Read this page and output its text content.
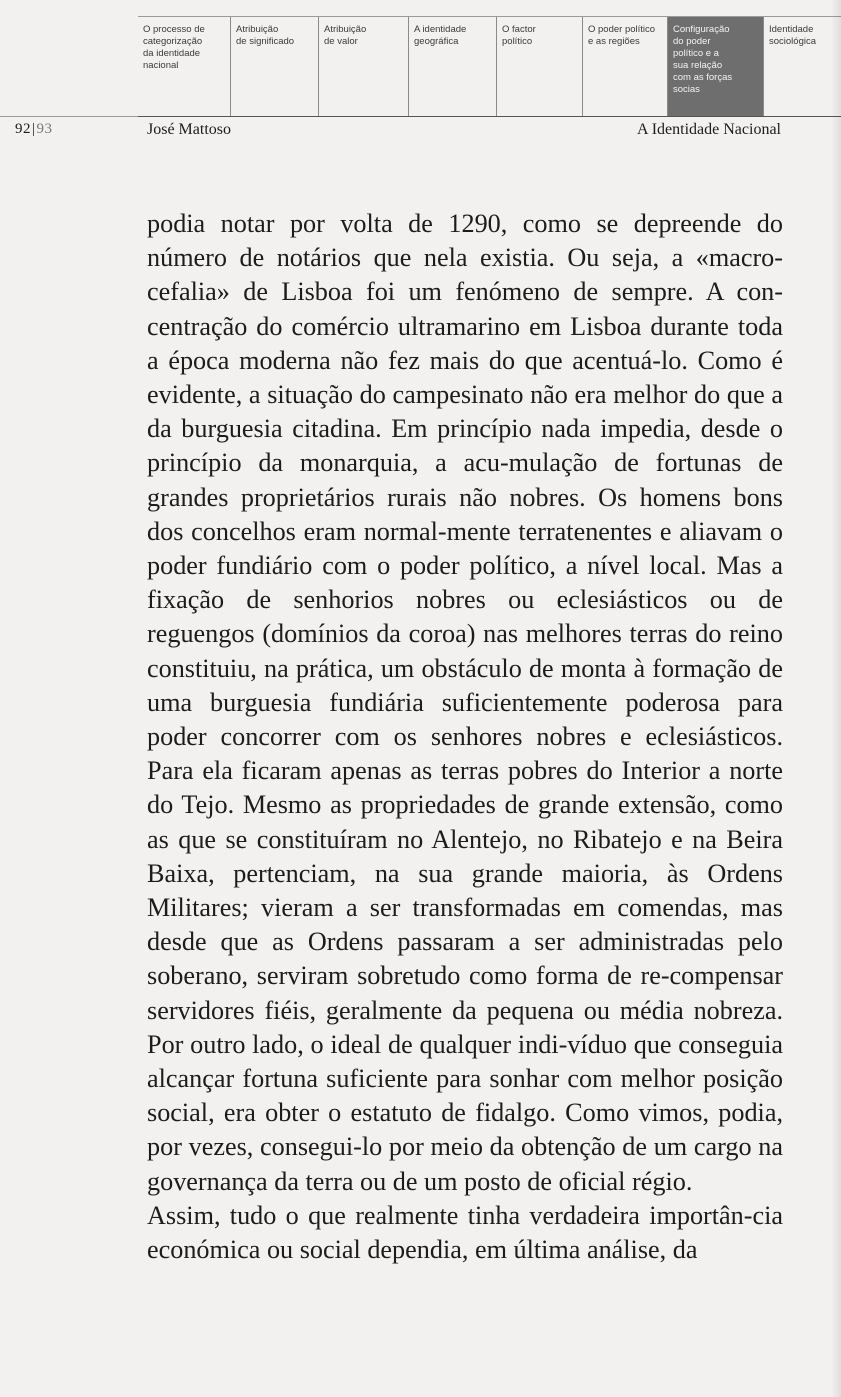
O processo de
categorização
da identidade
nacional
Atribuição
de significado
Atribuição
de valor
A identidade
geográfica
O factor
político
O poder político
e as regiões
Configuração
do poder
político e a
sua relação
com as forças
socias
Identidade
sociológica
92|93	José Mattoso	A Identidade Nacional

podia notar por volta de 1290, como se depreende do número de notários que nela existia. Ou seja, a «macro-cefalia» de Lisboa foi um fenómeno de sempre. A con-centração do comércio ultramarino em Lisboa durante toda a época moderna não fez mais do que acentuá-lo. Como é evidente, a situação do campesinato não era melhor do que a da burguesia citadina. Em princípio nada impedia, desde o princípio da monarquia, a acu-mulação de fortunas de grandes proprietários rurais não nobres. Os homens bons dos concelhos eram normal-mente terratenentes e aliavam o poder fundiário com o poder político, a nível local. Mas a fixação de senhorios nobres ou eclesiásticos ou de reguengos (domínios da coroa) nas melhores terras do reino constituiu, na prática, um obstáculo de monta à formação de uma burguesia fundiária suficientemente poderosa para poder concorrer com os senhores nobres e eclesiásticos. Para ela ficaram apenas as terras pobres do Interior a norte do Tejo. Mesmo as propriedades de grande extensão, como as que se constituíram no Alentejo, no Ribatejo e na Beira Baixa, pertenciam, na sua grande maioria, às Ordens Militares; vieram a ser transformadas em comendas, mas desde que as Ordens passaram a ser administradas pelo soberano, serviram sobretudo como forma de re-compensar servidores fiéis, geralmente da pequena ou média nobreza. Por outro lado, o ideal de qualquer indi-víduo que conseguia alcançar fortuna suficiente para sonhar com melhor posição social, era obter o estatuto de fidalgo. Como vimos, podia, por vezes, consegui-lo por meio da obtenção de um cargo na governança da terra ou de um posto de oficial régio.

Assim, tudo o que realmente tinha verdadeira importân-cia económica ou social dependia, em última análise, da
